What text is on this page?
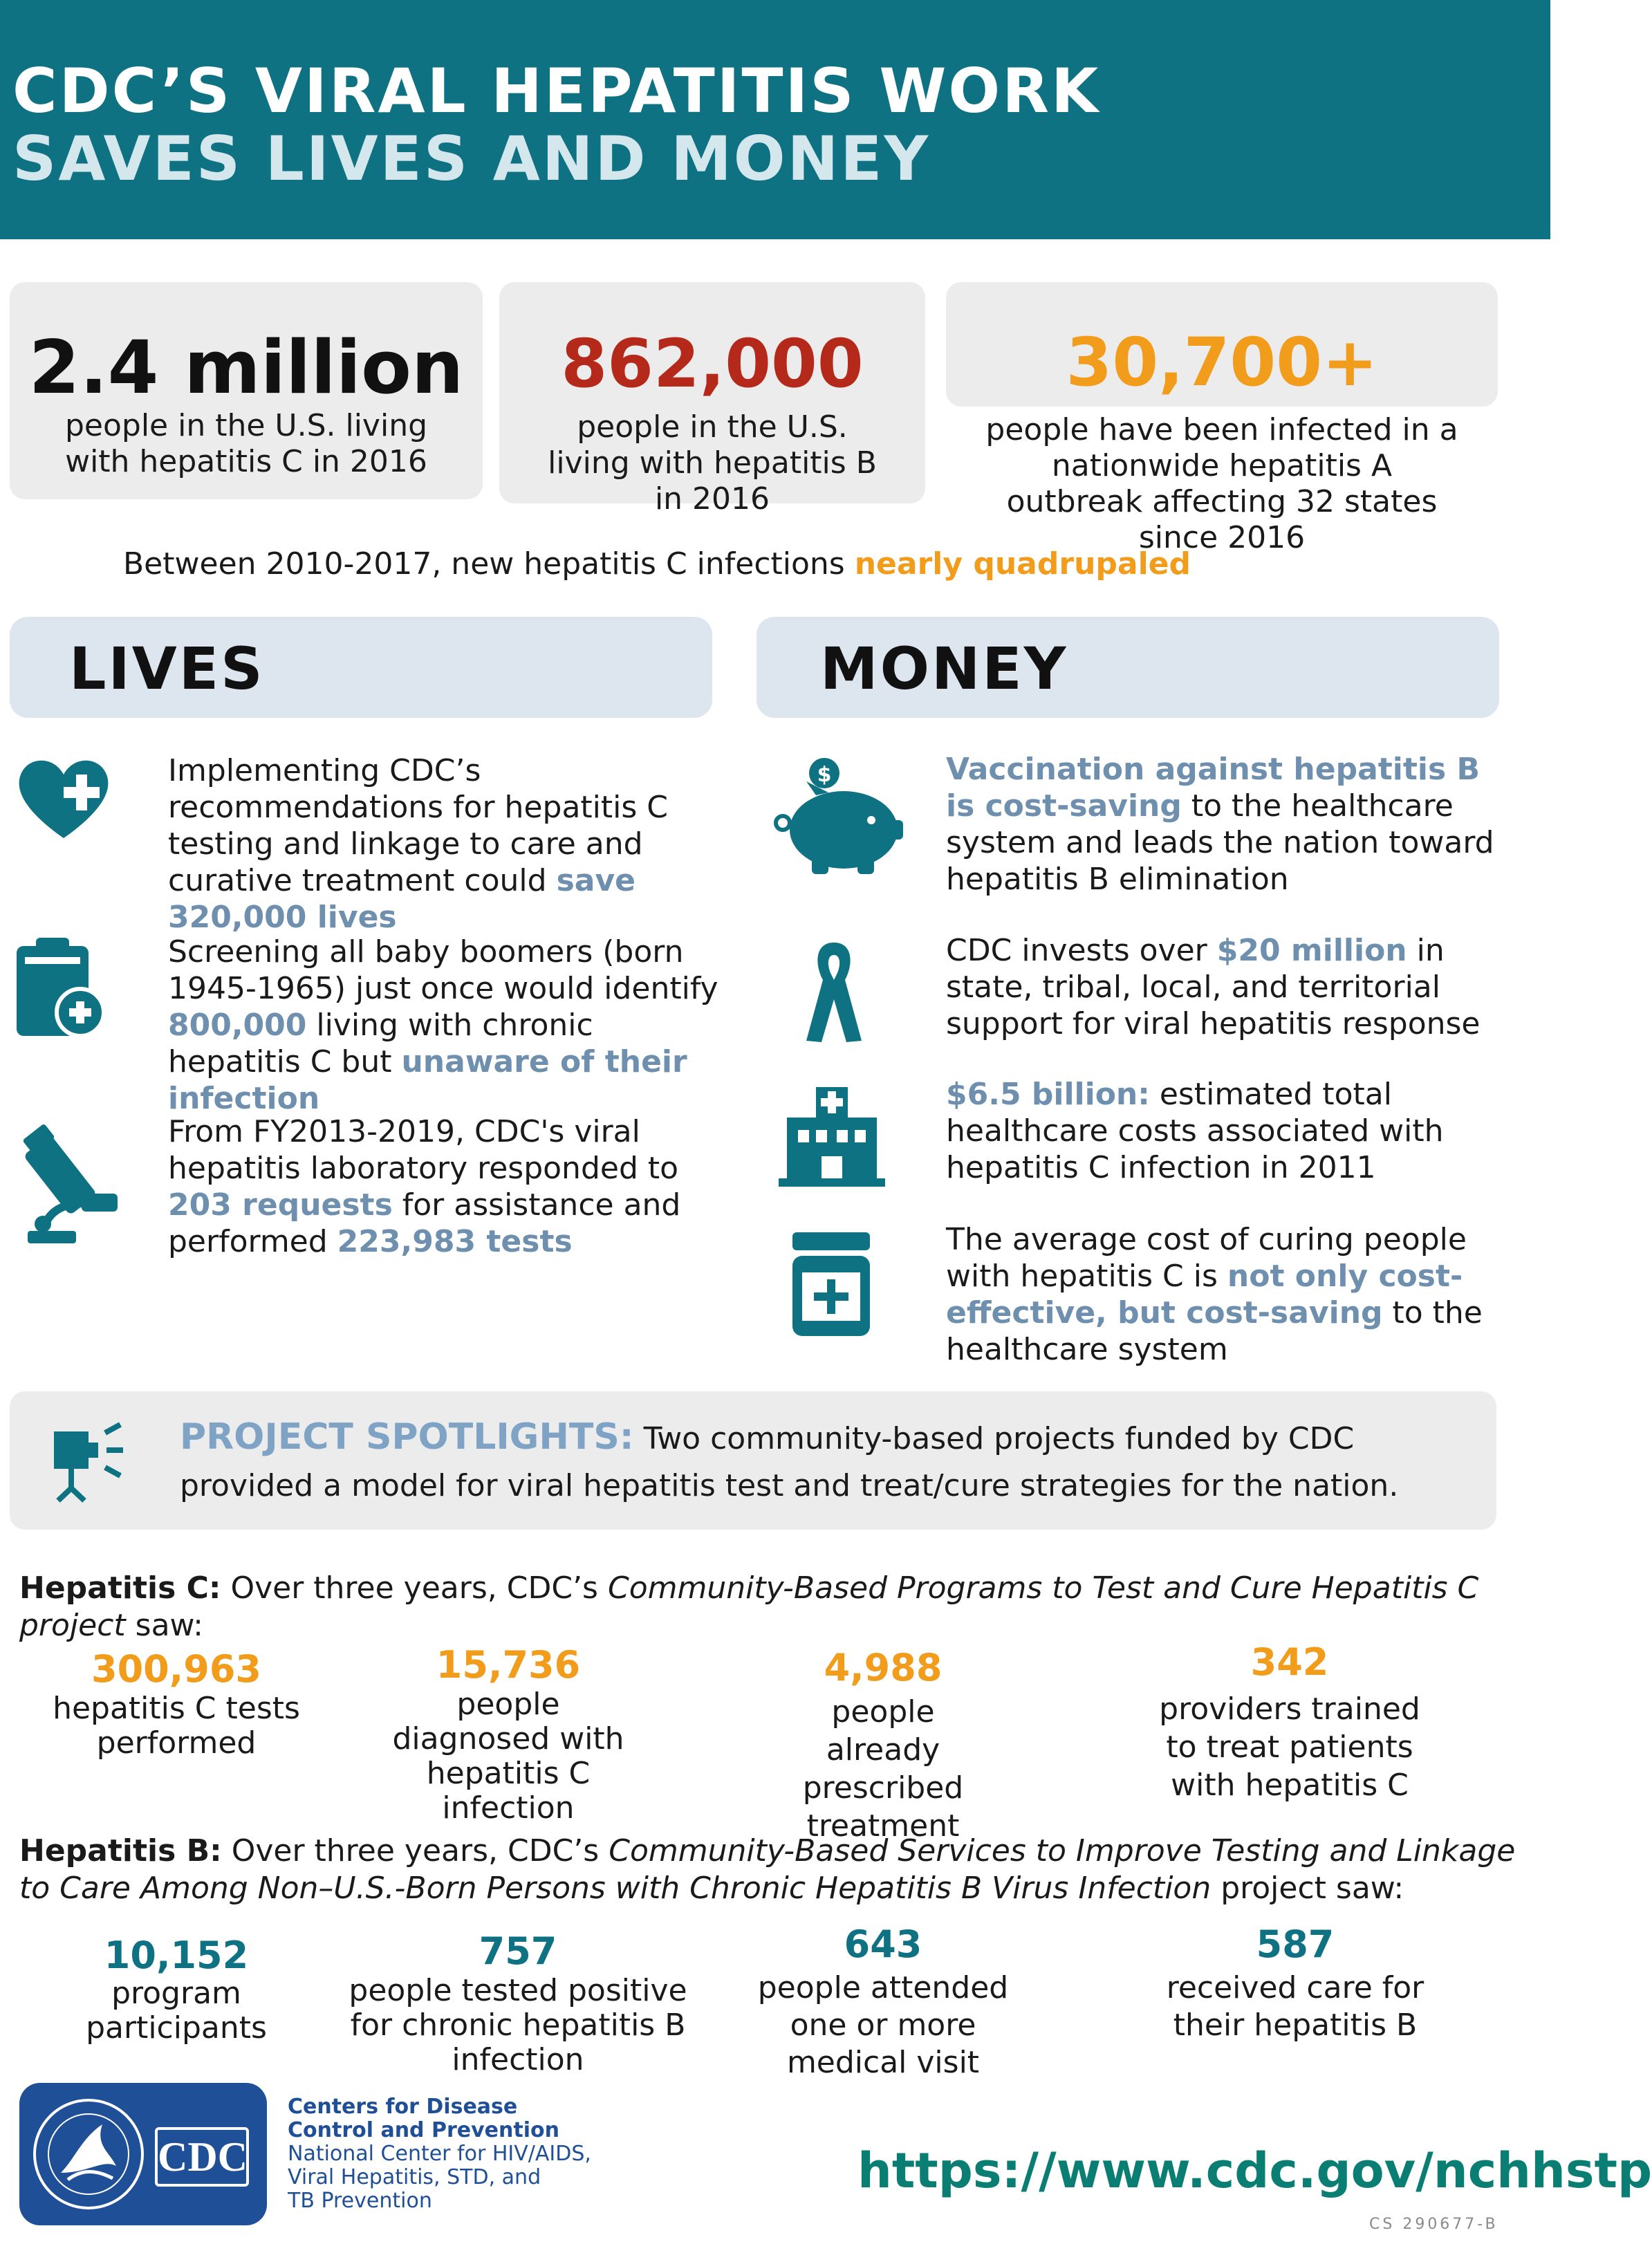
CDC’S VIRAL HEPATITIS WORK
SAVES LIVES AND MONEY
2.4 million
people in the U.S. living with hepatitis C in 2016
862,000
people in the U.S. living with hepatitis B in 2016
30,700+
people have been infected in a nationwide hepatitis A outbreak affecting 32 states since 2016
Between 2010-2017, new hepatitis C infections nearly quadrupaled
LIVES	MONEY
Implementing CDC’s recommendations for hepatitis C testing and linkage to care and curative treatment could save 320,000 lives
Screening all baby boomers (born 1945-1965) just once would identify 800,000 living with chronic hepatitis C but unaware of their infection
From FY2013-2019, CDC's viral hepatitis laboratory responded to 203 requests for assistance and performed 223,983 tests
$	Vaccination against hepatitis B is cost-saving to the healthcare system and leads the nation toward hepatitis B elimination
CDC invests over $20 million in state, tribal, local, and territorial support for viral hepatitis response
$6.5 billion: estimated total healthcare costs associated with hepatitis C infection in 2011
The average cost of curing people with hepatitis C is not only cost-effective, but cost-saving to the healthcare system
PROJECT SPOTLIGHTS: Two community-based projects funded by CDC provided a model for viral hepatitis test and treat/cure strategies for the nation.
Hepatitis C: Over three years, CDC’s Community-Based Programs to Test and Cure Hepatitis C project saw:
300,963
hepatitis C tests performed
15,736
people diagnosed with hepatitis C infection
4,988
people already prescribed treatment
342
providers trained to treat patients with hepatitis C
Hepatitis B: Over three years, CDC’s Community-Based Services to Improve Testing and Linkage to Care Among Non–U.S.-Born Persons with Chronic Hepatitis B Virus Infection project saw:
10,152
program participants
757
people tested positive for chronic hepatitis B infection
643
people attended one or more medical visit
587
received care for their hepatitis B
CDC
Centers for Disease
Control and Prevention
National Center for HIV/AIDS,
Viral Hepatitis, STD, and
TB Prevention
https://www.cdc.gov/nchhstp
CS 290677-B
